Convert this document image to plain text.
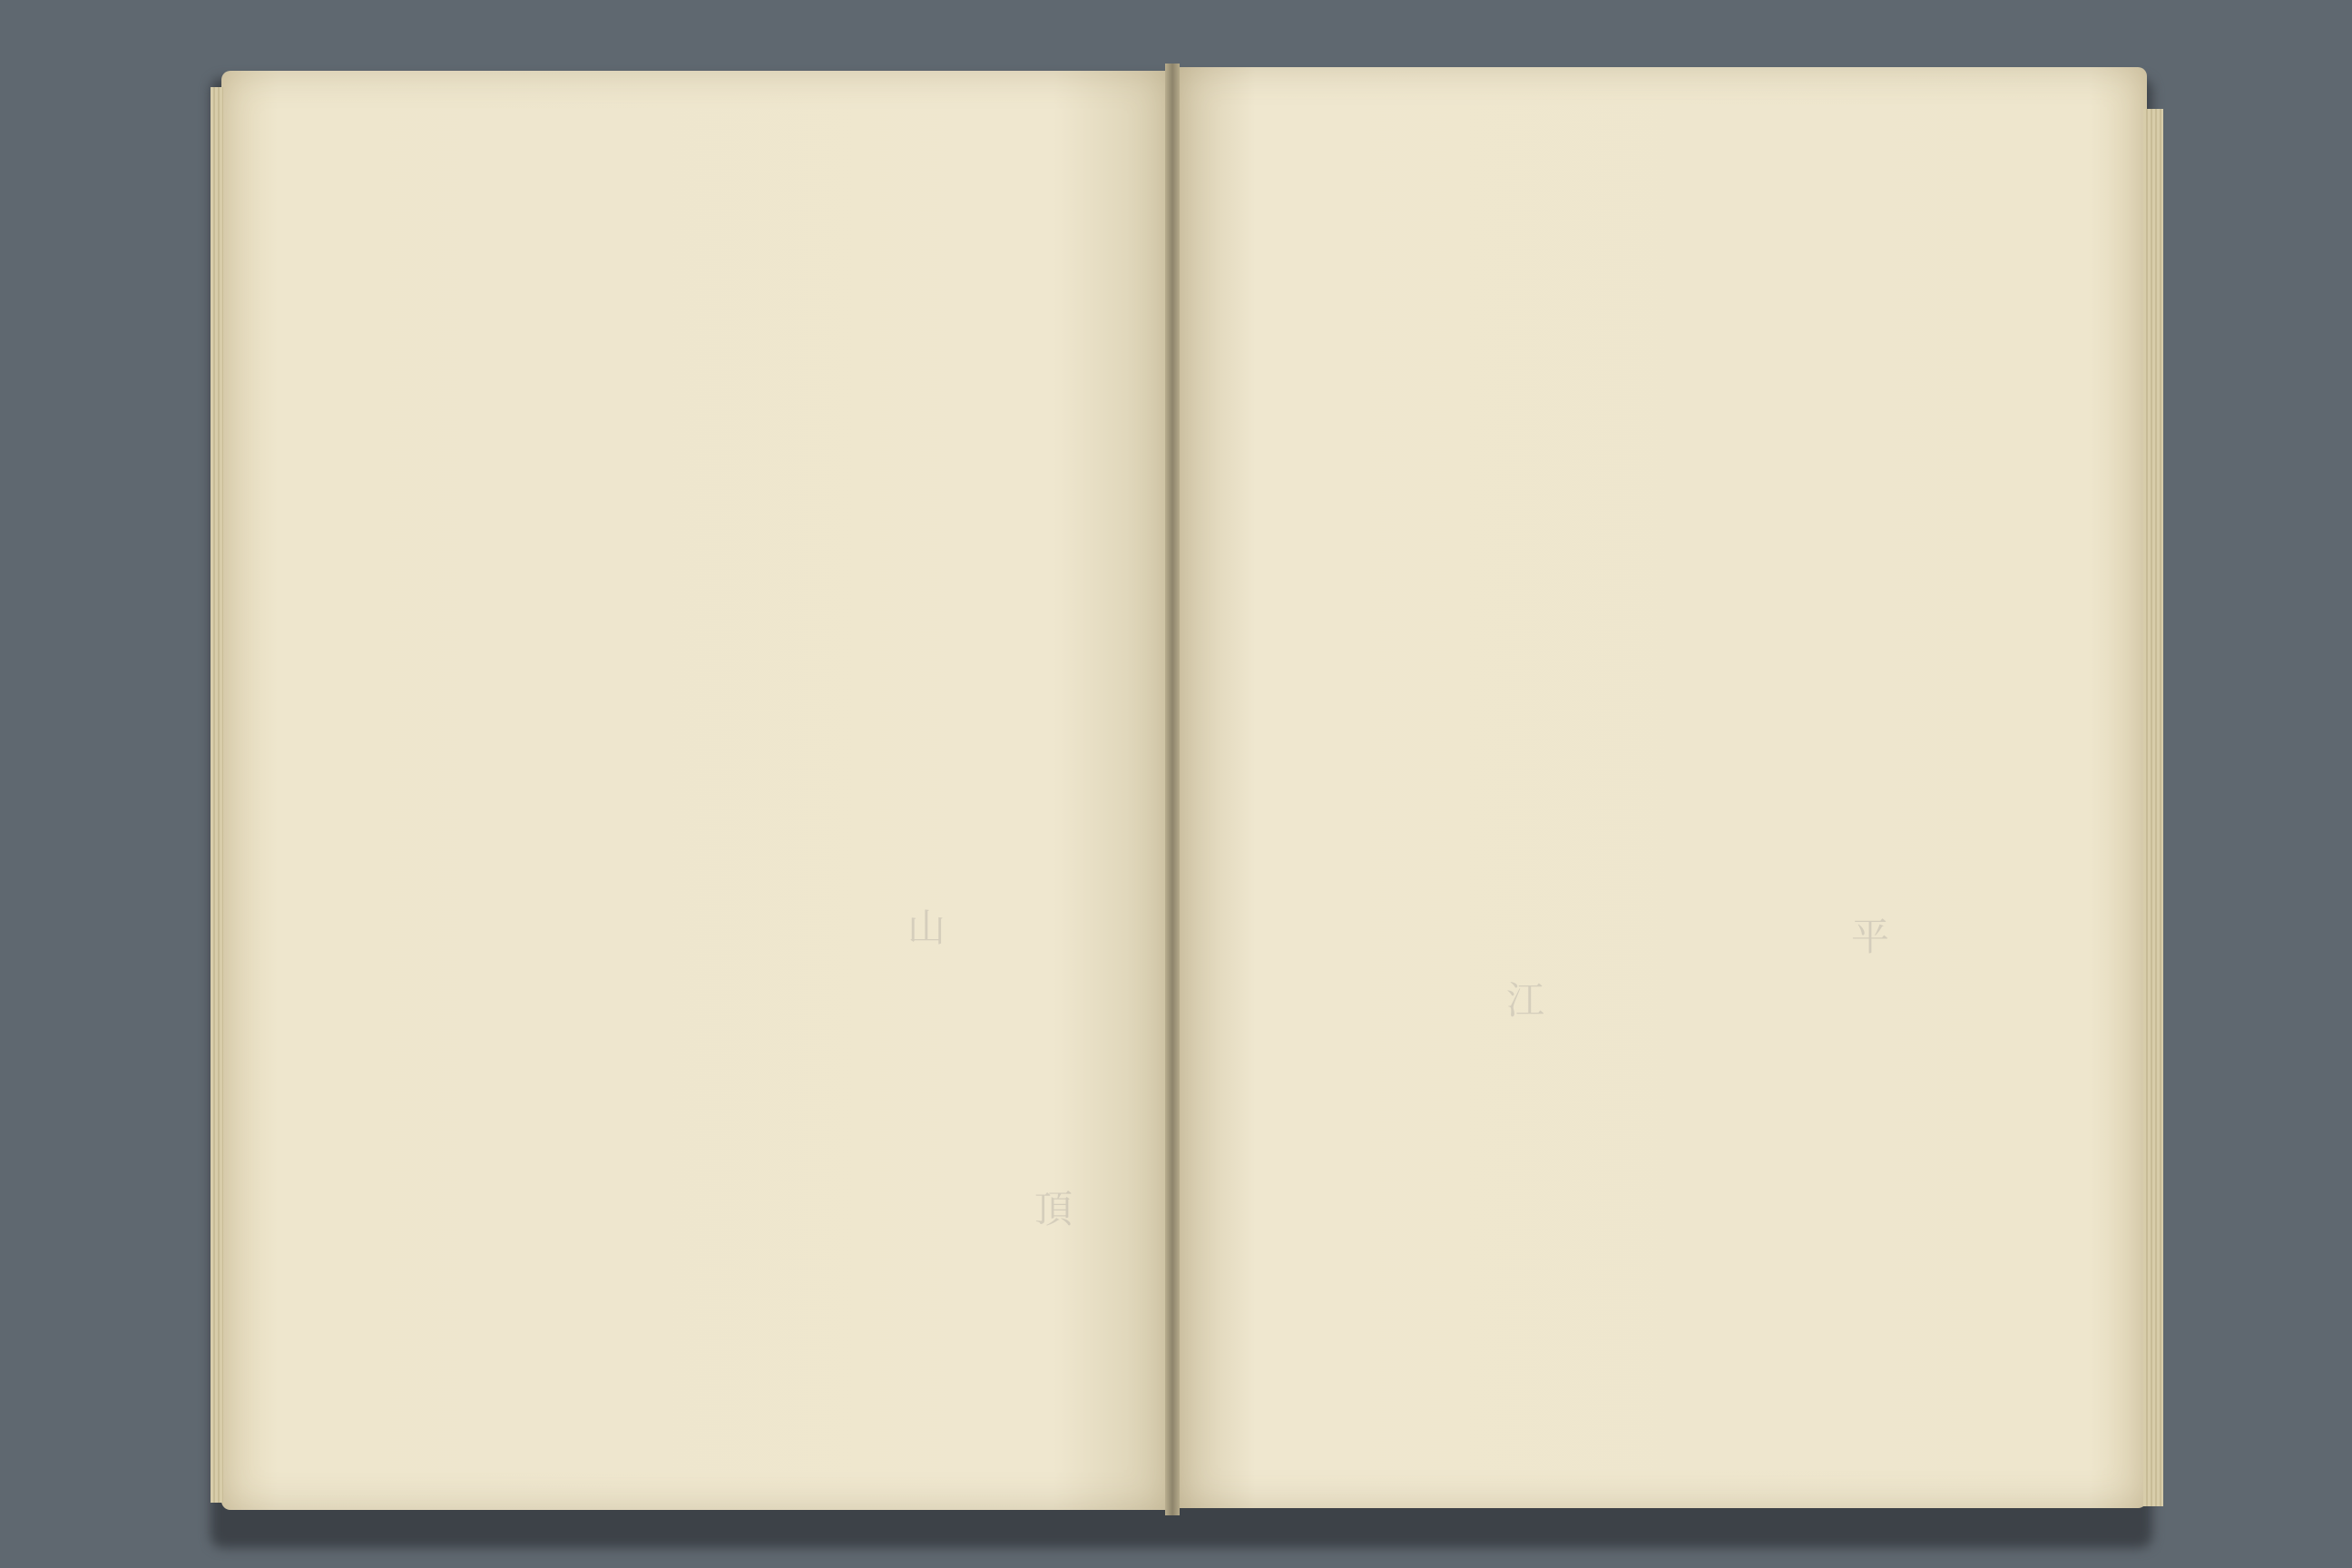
山
頂
江
平
